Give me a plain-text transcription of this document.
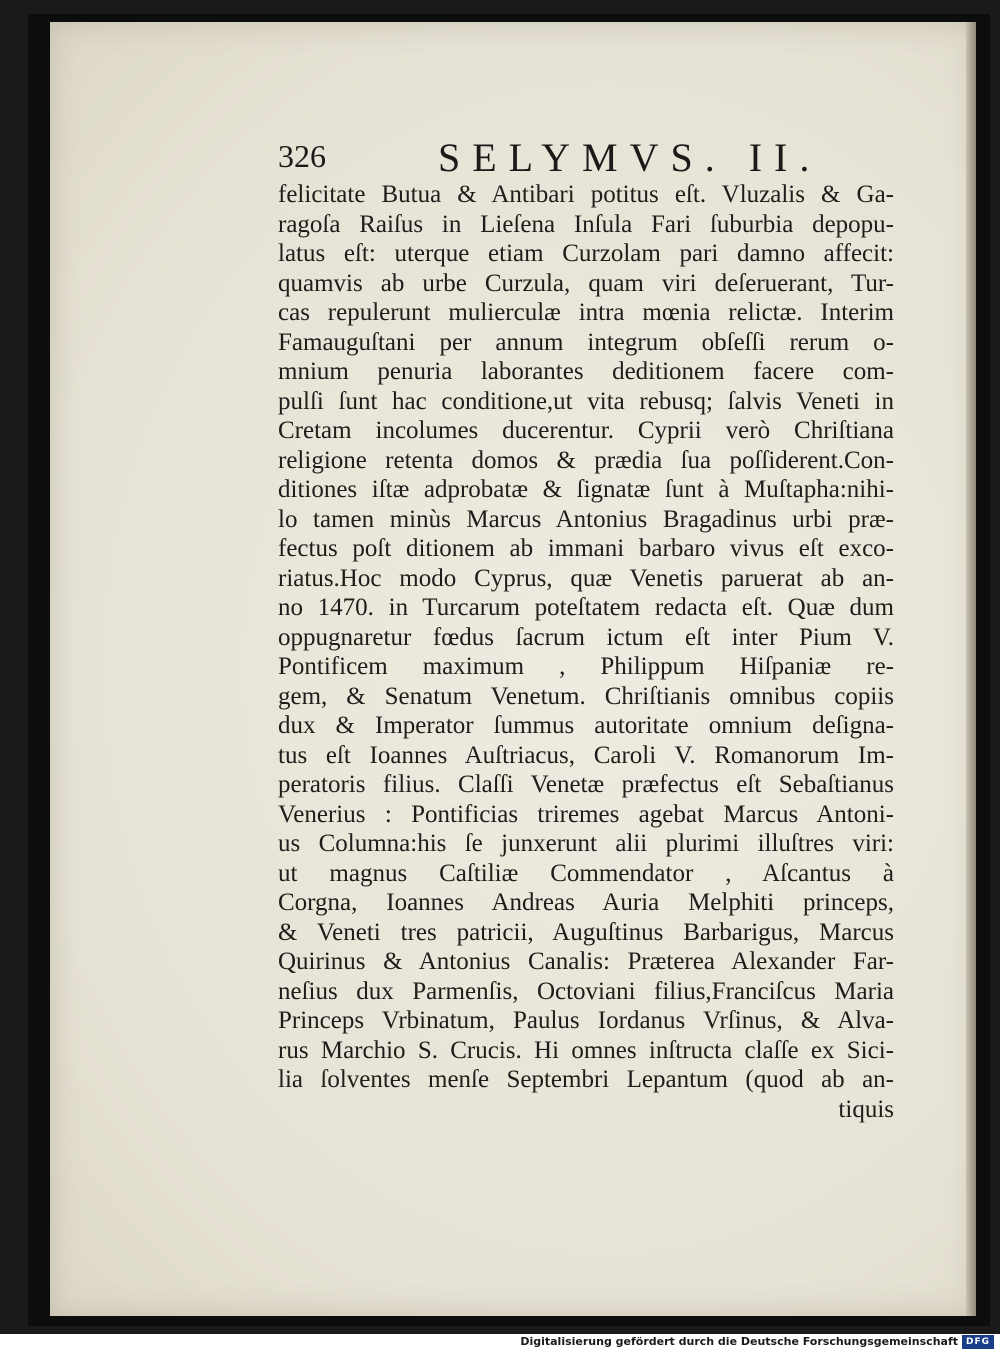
326	SELYMVS. II.
felicitate Butua & Antibari potitus eſt. Vluzalis & Ga-
ragoſa Raiſus in Lieſena Inſula Fari ſuburbia depopu-
latus eſt: uterque etiam Curzolam pari damno affecit:
quamvis ab urbe Curzula, quam viri deſeruerant, Tur-
cas repulerunt mulierculæ intra mœnia relictæ. Interim
Famauguſtani per annum integrum obſeſſi rerum o-
mnium penuria laborantes deditionem facere com-
pulſi ſunt hac conditione,ut vita rebusq; ſalvis Veneti in
Cretam incolumes ducerentur. Cyprii verò Chriſtiana
religione retenta domos & prædia ſua poſſiderent.Con-
ditiones iſtæ adprobatæ & ſignatæ ſunt à Muſtapha:nihi-
lo tamen minùs Marcus Antonius Bragadinus urbi præ-
fectus poſt ditionem ab immani barbaro vivus eſt exco-
riatus.Hoc modo Cyprus, quæ Venetis paruerat ab an-
no 1470. in Turcarum poteſtatem redacta eſt. Quæ dum
oppugnaretur fœdus ſacrum ictum eſt inter Pium V.
Pontificem maximum , Philippum Hiſpaniæ re-
gem, & Senatum Venetum. Chriſtianis omnibus copiis
dux & Imperator ſummus autoritate omnium deſigna-
tus eſt Ioannes Auſtriacus, Caroli V. Romanorum Im-
peratoris filius. Claſſi Venetæ præfectus eſt Sebaſtianus
Venerius : Pontificias triremes agebat Marcus Antoni-
us Columna:his ſe junxerunt alii plurimi illuſtres viri:
ut magnus Caſtiliæ Commendator , Aſcantus à
Corgna, Ioannes Andreas Auria Melphiti princeps,
& Veneti tres patricii, Auguſtinus Barbarigus, Marcus
Quirinus & Antonius Canalis: Præterea Alexander Far-
neſius dux Parmenſis, Octoviani filius,Franciſcus Maria
Princeps Vrbinatum, Paulus Iordanus Vrſinus, & Alva-
rus Marchio S. Crucis. Hi omnes inſtructa claſſe ex Sici-
lia ſolventes menſe Septembri Lepantum (quod ab an-
tiquis
Digitalisierung gefördert durch die Deutsche Forschungsgemeinschaft DFG
